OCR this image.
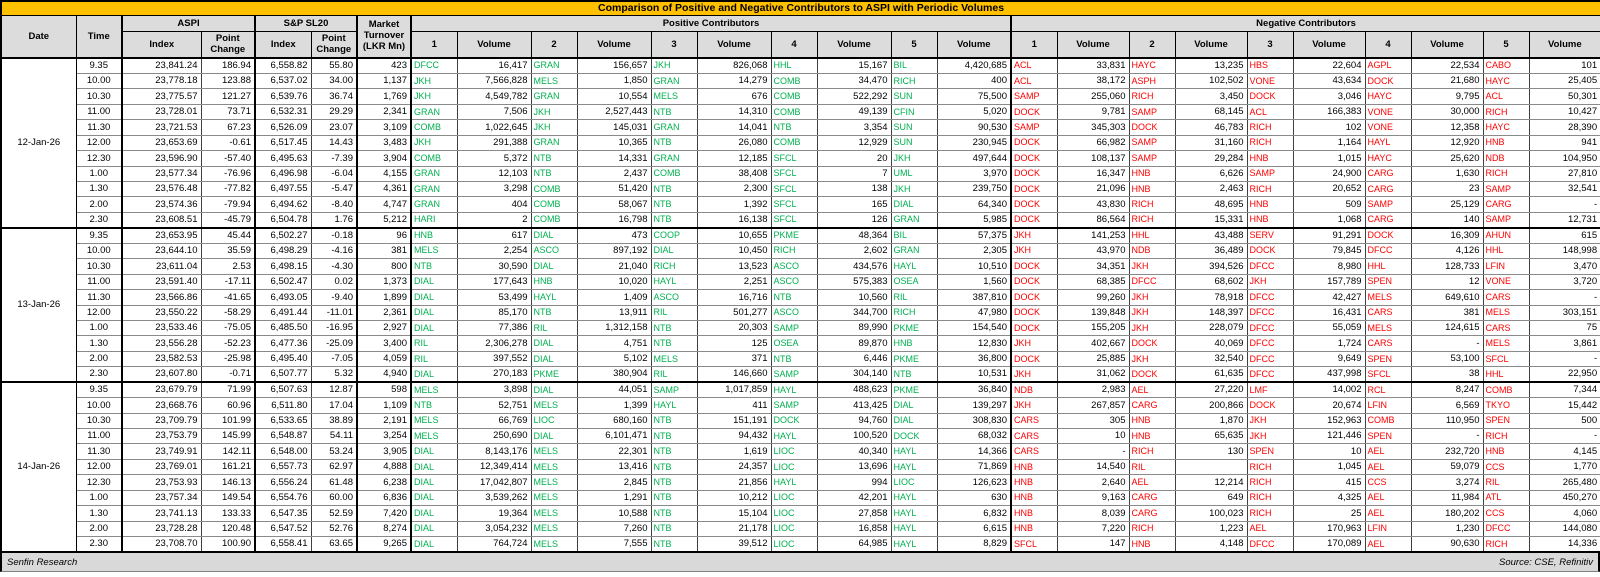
Comparison of Positive and Negative Contributors to ASPI with Periodic Volumes																										
Date	Time	ASPI		S&P SL20		Market Turnover (LKR Mn)	Positive Contributors										Negative Contributors									
		Index	Point Change	Index	Point Change		1	Volume	2	Volume	3	Volume	4	Volume	5	Volume	1	Volume	2	Volume	3	Volume	4	Volume	5	Volume
12-Jan-26	9.35	23,841.24	186.94	6,558.82	55.80	423	DFCC	16,417	GRAN	156,657	JKH	826,068	HHL	15,167	BIL	4,420,685	ACL	33,831	HAYC	13,235	HBS	22,604	AGPL	22,534	CABO	101
	10.00	23,778.18	123.88	6,537.02	34.00	1,137	JKH	7,566,828	MELS	1,850	GRAN	14,279	COMB	34,470	RICH	400	ACL	38,172	ASPH	102,502	VONE	43,634	DOCK	21,680	HAYC	25,405
	10.30	23,775.57	121.27	6,539.76	36.74	1,769	JKH	4,549,782	GRAN	10,554	MELS	676	COMB	522,292	SUN	75,500	SAMP	255,060	RICH	3,450	DOCK	3,046	HAYC	9,795	ACL	50,301
	11.00	23,728.01	73.71	6,532.31	29.29	2,341	GRAN	7,506	JKH	2,527,443	NTB	14,310	COMB	49,139	CFIN	5,020	DOCK	9,781	SAMP	68,145	ACL	166,383	VONE	30,000	RICH	10,427
	11.30	23,721.53	67.23	6,526.09	23.07	3,109	COMB	1,022,645	JKH	145,031	GRAN	14,041	NTB	3,354	SUN	90,530	SAMP	345,303	DOCK	46,783	RICH	102	VONE	12,358	HAYC	28,390
	12.00	23,653.69	-0.61	6,517.45	14.43	3,483	JKH	291,388	GRAN	10,365	NTB	26,080	COMB	12,929	SUN	230,945	DOCK	66,982	SAMP	31,160	RICH	1,164	HAYL	12,920	HNB	941
	12.30	23,596.90	-57.40	6,495.63	-7.39	3,904	COMB	5,372	NTB	14,331	GRAN	12,185	SFCL	20	JKH	497,644	DOCK	108,137	SAMP	29,284	HNB	1,015	HAYC	25,620	NDB	104,950
	1.00	23,577.34	-76.96	6,496.98	-6.04	4,155	GRAN	12,103	NTB	2,437	COMB	38,408	SFCL	7	UML	3,970	DOCK	16,347	HNB	6,626	SAMP	24,900	CARG	1,630	RICH	27,810
	1.30	23,576.48	-77.82	6,497.55	-5.47	4,361	GRAN	3,298	COMB	51,420	NTB	2,300	SFCL	138	JKH	239,750	DOCK	21,096	HNB	2,463	RICH	20,652	CARG	23	SAMP	32,541
	2.00	23,574.36	-79.94	6,494.62	-8.40	4,747	GRAN	404	COMB	58,067	NTB	1,392	SFCL	165	DIAL	64,340	DOCK	43,830	RICH	48,695	HNB	509	SAMP	25,129	CARG	-
	2.30	23,608.51	-45.79	6,504.78	1.76	5,212	HARI	2	COMB	16,798	NTB	16,138	SFCL	126	GRAN	5,985	DOCK	86,564	RICH	15,331	HNB	1,068	CARG	140	SAMP	12,731
13-Jan-26	9.35	23,653.95	45.44	6,502.27	-0.18	96	HNB	617	DIAL	473	COOP	10,655	PKME	48,364	BIL	57,375	JKH	141,253	HHL	43,488	SERV	91,291	DOCK	16,309	AHUN	615
	10.00	23,644.10	35.59	6,498.29	-4.16	381	MELS	2,254	ASCO	897,192	DIAL	10,450	RICH	2,602	GRAN	2,305	JKH	43,970	NDB	36,489	DOCK	79,845	DFCC	4,126	HHL	148,998
	10.30	23,611.04	2.53	6,498.15	-4.30	800	NTB	30,590	DIAL	21,040	RICH	13,523	ASCO	434,576	HAYL	10,510	DOCK	34,351	JKH	394,526	DFCC	8,980	HHL	128,733	LFIN	3,470
	11.00	23,591.40	-17.11	6,502.47	0.02	1,373	DIAL	177,643	HNB	10,020	HAYL	2,251	ASCO	575,383	OSEA	1,560	DOCK	68,385	DFCC	68,602	JKH	157,789	SPEN	12	VONE	3,720
	11.30	23,566.86	-41.65	6,493.05	-9.40	1,899	DIAL	53,499	HAYL	1,409	ASCO	16,716	NTB	10,560	RIL	387,810	DOCK	99,260	JKH	78,918	DFCC	42,427	MELS	649,610	CARS	-
	12.00	23,550.22	-58.29	6,491.44	-11.01	2,361	DIAL	85,170	NTB	13,911	RIL	501,277	ASCO	344,700	RICH	47,980	DOCK	139,848	JKH	148,397	DFCC	16,431	CARS	381	MELS	303,151
	1.00	23,533.46	-75.05	6,485.50	-16.95	2,927	DIAL	77,386	RIL	1,312,158	NTB	20,303	SAMP	89,990	PKME	154,540	DOCK	155,205	JKH	228,079	DFCC	55,059	MELS	124,615	CARS	75
	1.30	23,556.28	-52.23	6,477.36	-25.09	3,400	RIL	2,306,278	DIAL	4,751	NTB	125	OSEA	89,870	HNB	12,830	JKH	402,667	DOCK	40,069	DFCC	1,724	CARS	-	MELS	3,861
	2.00	23,582.53	-25.98	6,495.40	-7.05	4,059	RIL	397,552	DIAL	5,102	MELS	371	NTB	6,446	PKME	36,800	DOCK	25,885	JKH	32,540	DFCC	9,649	SPEN	53,100	SFCL	-
	2.30	23,607.80	-0.71	6,507.77	5.32	4,940	DIAL	270,183	PKME	380,904	RIL	146,660	SAMP	304,140	NTB	10,531	JKH	31,062	DOCK	61,635	DFCC	437,998	SFCL	38	HHL	22,950
14-Jan-26	9.35	23,679.79	71.99	6,507.63	12.87	598	MELS	3,898	DIAL	44,051	SAMP	1,017,859	HAYL	488,623	PKME	36,840	NDB	2,983	AEL	27,220	LMF	14,002	RCL	8,247	COMB	7,344
	10.00	23,668.76	60.96	6,511.80	17.04	1,109	NTB	52,751	MELS	1,399	HAYL	411	SAMP	413,425	DIAL	139,297	JKH	267,857	CARG	200,866	DOCK	20,674	LFIN	6,569	TKYO	15,442
	10.30	23,709.79	101.99	6,533.65	38.89	2,191	MELS	66,769	LIOC	680,160	NTB	151,191	DOCK	94,760	DIAL	308,830	CARS	305	HNB	1,870	JKH	152,963	COMB	110,950	SPEN	500
	11.00	23,753.79	145.99	6,548.87	54.11	3,254	MELS	250,690	DIAL	6,101,471	NTB	94,432	HAYL	100,520	DOCK	68,032	CARS	10	HNB	65,635	JKH	121,446	SPEN	-	RICH	-
	11.30	23,749.91	142.11	6,548.00	53.24	3,905	DIAL	8,143,176	MELS	22,301	NTB	1,619	LIOC	40,340	HAYL	14,366	CARS	-	RICH	130	SPEN	10	AEL	232,720	HNB	4,145
	12.00	23,769.01	161.21	6,557.73	62.97	4,888	DIAL	12,349,414	MELS	13,416	NTB	24,357	LIOC	13,696	HAYL	71,869	HNB	14,540	RIL		RICH	1,045	AEL	59,079	CCS	1,770
	12.30	23,753.93	146.13	6,556.24	61.48	6,238	DIAL	17,042,807	MELS	2,845	NTB	21,856	HAYL	994	LIOC	126,623	HNB	2,640	AEL	12,214	RICH	415	CCS	3,274	RIL	265,480
	1.00	23,757.34	149.54	6,554.76	60.00	6,836	DIAL	3,539,262	MELS	1,291	NTB	10,212	LIOC	42,201	HAYL	630	HNB	9,163	CARG	649	RICH	4,325	AEL	11,984	ATL	450,270
	1.30	23,741.13	133.33	6,547.35	52.59	7,420	DIAL	19,364	MELS	10,588	NTB	15,104	LIOC	27,858	HAYL	6,832	HNB	8,039	CARG	100,023	RICH	25	AEL	180,202	CCS	4,060
	2.00	23,728.28	120.48	6,547.52	52.76	8,274	DIAL	3,054,232	MELS	7,260	NTB	21,178	LIOC	16,858	HAYL	6,615	HNB	7,220	RICH	1,223	AEL	170,963	LFIN	1,230	DFCC	144,080
	2.30	23,708.70	100.90	6,558.41	63.65	9,265	DIAL	764,724	MELS	7,555	NTB	39,512	LIOC	64,985	HAYL	8,829	SFCL	147	HNB	4,148	DFCC	170,089	AEL	90,630	RICH	14,336
Senfin Research	Source: CSE, Refinitiv
